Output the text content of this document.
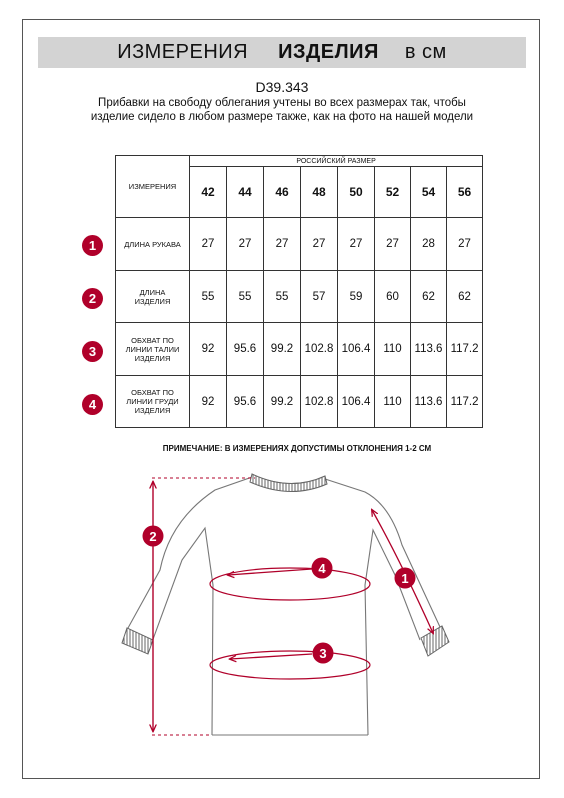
ИЗМЕРЕНИЯ ИЗДЕЛИЯ в см
D39.343
Прибавки на свободу облегания учтены во всех размерах так, чтобы изделие сидело в любом размере также, как на фото на нашей модели
ИЗМЕРЕНИЯ	РОССИЙСКИЙ РАЗМЕР							
	42	44	46	48	50	52	54	56
ДЛИНА РУКАВА	27	27	27	27	27	27	28	27
ДЛИНА ИЗДЕЛИЯ	55	55	55	57	59	60	62	62
ОБХВАТ ПО ЛИНИИ ТАЛИИ ИЗДЕЛИЯ	92	95.6	99.2	102.8	106.4	110	113.6	117.2
ОБХВАТ ПО ЛИНИИ ГРУДИ ИЗДЕЛИЯ	92	95.6	99.2	102.8	106.4	110	113.6	117.2
1
2
3
4
ПРИМЕЧАНИЕ: В ИЗМЕРЕНИЯХ ДОПУСТИМЫ ОТКЛОНЕНИЯ 1-2 СМ
2
4
3
1
